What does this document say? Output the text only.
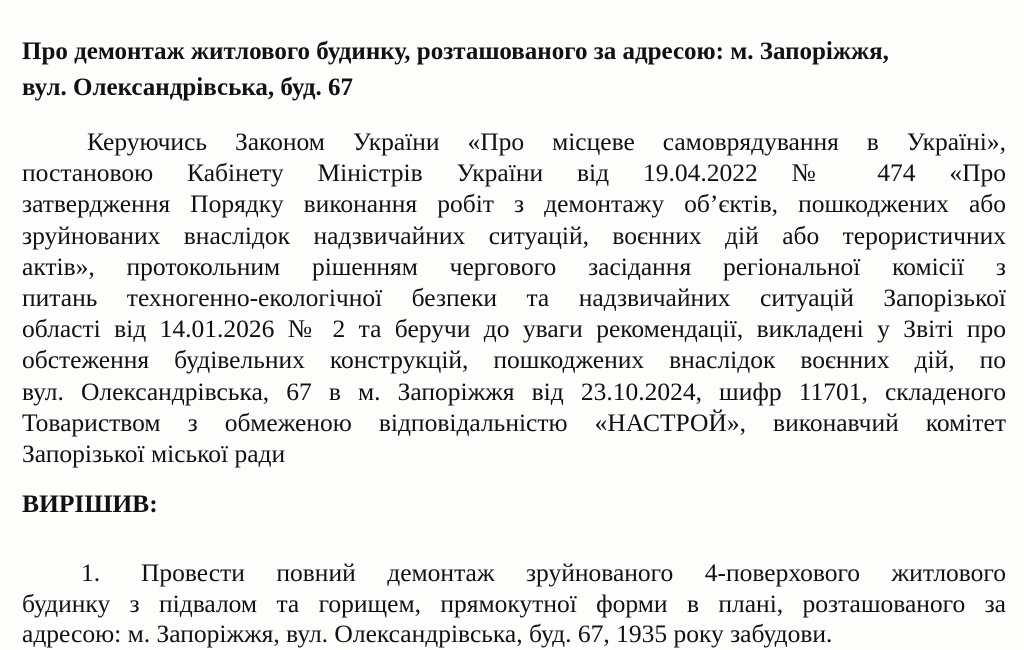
Про демонтаж житлового будинку, розташованого за адресою: м. Запоріжжя,
вул. Олександрівська, буд. 67
Керуючись Законом України «Про місцеве самоврядування в Україні»,
постановою Кабінету Міністрів України від 19.04.2022 № 474 «Про
затвердження Порядку виконання робіт з демонтажу об’єктів, пошкоджених або
зруйнованих внаслідок надзвичайних ситуацій, воєнних дій або терористичних
актів», протокольним рішенням чергового засідання регіональної комісії з
питань техногенно-екологічної безпеки та надзвичайних ситуацій Запорізької
області від 14.01.2026 № 2 та беручи до уваги рекомендації, викладені у Звіті про
обстеження будівельних конструкцій, пошкоджених внаслідок воєнних дій, по
вул. Олександрівська, 67 в м. Запоріжжя від 23.10.2024, шифр 11701, складеного
Товариством з обмеженою відповідальністю «НАСТРОЙ», виконавчий комітет
Запорізької міської ради
ВИРІШИВ:
1. Провести повний демонтаж зруйнованого 4-поверхового житлового
будинку з підвалом та горищем, прямокутної форми в плані, розташованого за
адресою: м. Запоріжжя, вул. Олександрівська, буд. 67, 1935 року забудови.
